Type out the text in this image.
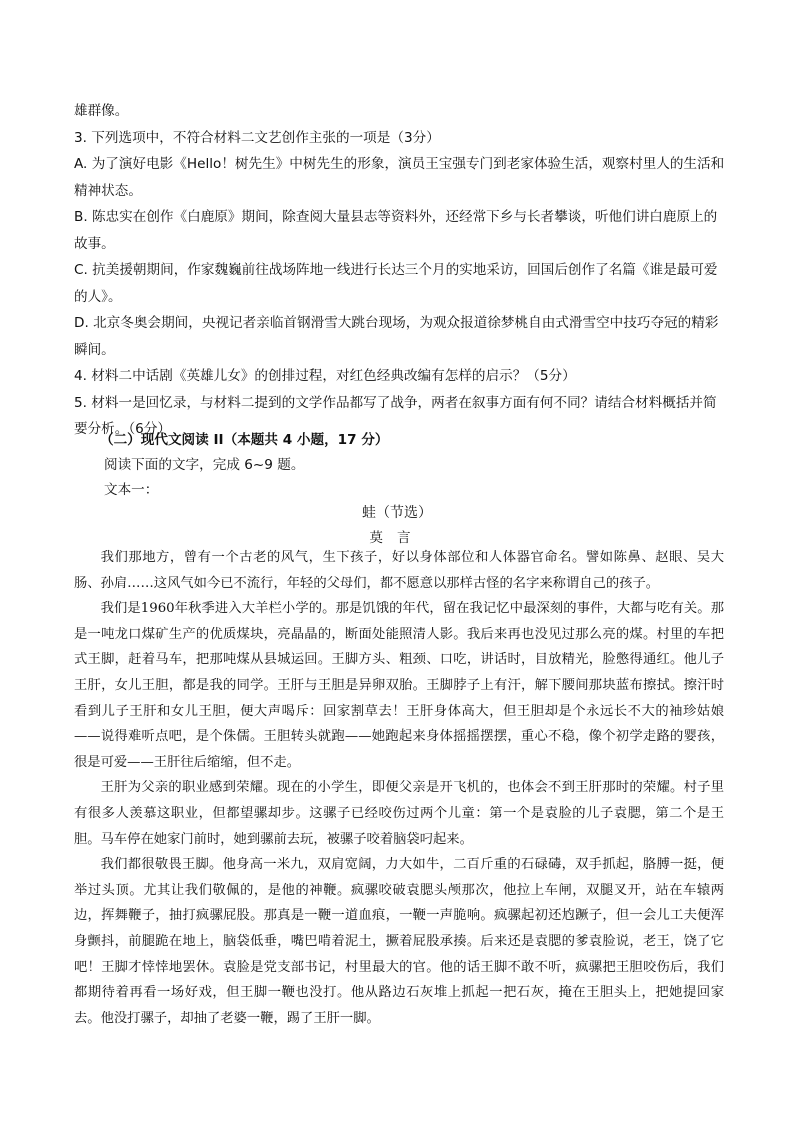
雄群像。

3. 下列选项中，不符合材料二文艺创作主张的一项是（3分）

A. 为了演好电影《Hello！树先生》中树先生的形象，演员王宝强专门到老家体验生活，观察村里人的生活和精神状态。

B. 陈忠实在创作《白鹿原》期间，除查阅大量县志等资料外，还经常下乡与长者攀谈，听他们讲白鹿原上的故事。

C. 抗美援朝期间，作家魏巍前往战场阵地一线进行长达三个月的实地采访，回国后创作了名篇《谁是最可爱的人》。

D. 北京冬奥会期间，央视记者亲临首钢滑雪大跳台现场，为观众报道徐梦桃自由式滑雪空中技巧夺冠的精彩瞬间。

4. 材料二中话剧《英雄儿女》的创排过程，对红色经典改编有怎样的启示？（5分）

5. 材料一是回忆录，与材料二提到的文学作品都写了战争，两者在叙事方面有何不同？请结合材料概括并简要分析。（6分）

（二）现代文阅读 II（本题共 4 小题，17 分）
阅读下面的文字，完成 6~9 题。
文本一：
蛙（节选）
莫言

我们那地方，曾有一个古老的风气，生下孩子，好以身体部位和人体器官命名。譬如陈鼻、赵眼、吴大肠、孙肩……这风气如今已不流行，年轻的父母们，都不愿意以那样古怪的名字来称谓自己的孩子。

我们是1960年秋季进入大羊栏小学的。那是饥饿的年代，留在我记忆中最深刻的事件，大都与吃有关。那是一吨龙口煤矿生产的优质煤块，亮晶晶的，断面处能照清人影。我后来再也没见过那么亮的煤。村里的车把式王脚，赶着马车，把那吨煤从县城运回。王脚方头、粗颈、口吃，讲话时，目放精光，脸憋得通红。他儿子王肝，女儿王胆，都是我的同学。王肝与王胆是异卵双胎。王脚脖子上有汗，解下腰间那块蓝布擦拭。擦汗时看到儿子王肝和女儿王胆，便大声喝斥：回家割草去！王肝身体高大，但王胆却是个永远长不大的袖珍姑娘——说得难听点吧，是个侏儒。王胆转头就跑——她跑起来身体摇摇摆摆，重心不稳，像个初学走路的婴孩，很是可爱——王肝往后缩缩，但不走。

王肝为父亲的职业感到荣耀。现在的小学生，即便父亲是开飞机的，也体会不到王肝那时的荣耀。村子里有很多人羡慕这职业，但都望骡却步。这骡子已经咬伤过两个儿童：第一个是袁脸的儿子袁腮，第二个是王胆。马车停在她家门前时，她到骡前去玩，被骡子咬着脑袋叼起来。

我们都很敬畏王脚。他身高一米九，双肩宽阔，力大如牛，二百斤重的石碌碡，双手抓起，胳膊一挺，便举过头顶。尤其让我们敬佩的，是他的神鞭。疯骡咬破袁腮头颅那次，他拉上车闸，双腿叉开，站在车辕两边，挥舞鞭子，抽打疯骡屁股。那真是一鞭一道血痕，一鞭一声脆响。疯骡起初还尥蹶子，但一会儿工夫便浑身颤抖，前腿跪在地上，脑袋低垂，嘴巴啃着泥土，撅着屁股承揍。后来还是袁腮的爹袁脸说，老王，饶了它吧！王脚才悻悻地罢休。袁脸是党支部书记，村里最大的官。他的话王脚不敢不听，疯骡把王胆咬伤后，我们都期待着再看一场好戏，但王脚一鞭也没打。他从路边石灰堆上抓起一把石灰，掩在王胆头上，把她提回家去。他没打骡子，却抽了老婆一鞭，踢了王肝一脚。
